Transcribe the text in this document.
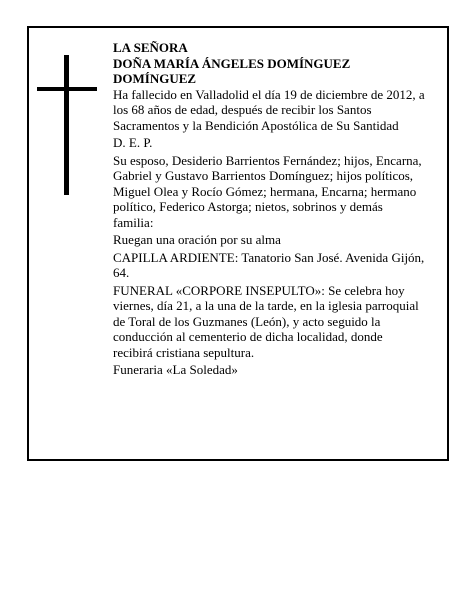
LA SEÑORA
DOÑA MARÍA ÁNGELES DOMÍNGUEZ DOMÍNGUEZ

Ha fallecido en Valladolid el día 19 de diciembre de 2012, a los 68 años de edad, después de recibir los Santos Sacramentos y la Bendición Apostólica de Su Santidad

D. E. P.

Su esposo, Desiderio Barrientos Fernández; hijos, Encarna, Gabriel y Gustavo Barrientos Domínguez; hijos políticos, Miguel Olea y Rocío Gómez; hermana, Encarna; hermano político, Federico Astorga; nietos, sobrinos y demás familia:

Ruegan una oración por su alma

CAPILLA ARDIENTE: Tanatorio San José. Avenida Gijón, 64.

FUNERAL «CORPORE INSEPULTO»: Se celebra hoy viernes, día 21, a la una de la tarde, en la iglesia parroquial de Toral de los Guzmanes (León), y acto seguido la conducción al cementerio de dicha localidad, donde recibirá cristiana sepultura.

Funeraria «La Soledad»
